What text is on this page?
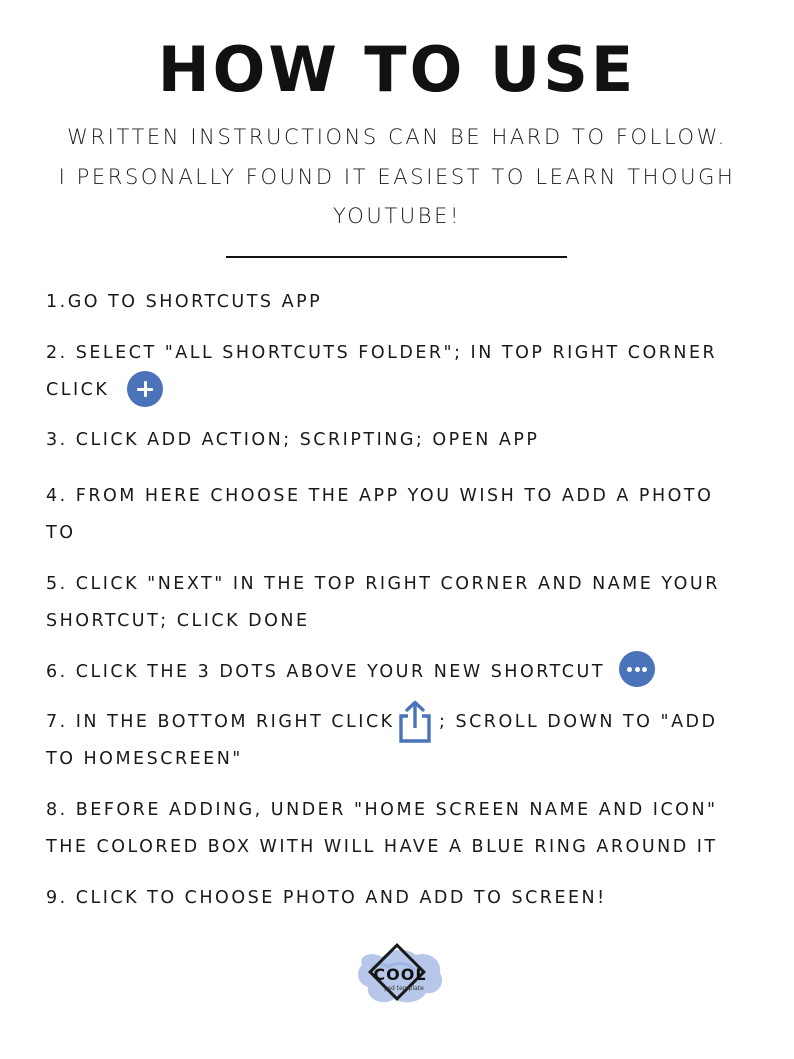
HOW TO USE
WRITTEN INSTRUCTIONS CAN BE HARD TO FOLLOW.
I PERSONALLY FOUND IT EASIEST TO LEARN THOUGH
YOUTUBE!
1.GO TO SHORTCUTS APP
2. SELECT "ALL SHORTCUTS FOLDER"; IN TOP RIGHT CORNER
CLICK
3. CLICK ADD ACTION; SCRIPTING; OPEN APP
4. FROM HERE CHOOSE THE APP YOU WISH TO ADD A PHOTO
TO
5. CLICK "NEXT" IN THE TOP RIGHT CORNER AND NAME YOUR
SHORTCUT; CLICK DONE
6. CLICK THE 3 DOTS ABOVE YOUR NEW SHORTCUT
7. IN THE BOTTOM RIGHT CLICK	; SCROLL DOWN TO "ADD
TO HOMESCREEN"
8. BEFORE ADDING, UNDER "HOME SCREEN NAME AND ICON"
THE COLORED BOX WITH WILL HAVE A BLUE RING AROUND IT
9. CLICK TO CHOOSE PHOTO AND ADD TO SCREEN!
COOL
psd template
